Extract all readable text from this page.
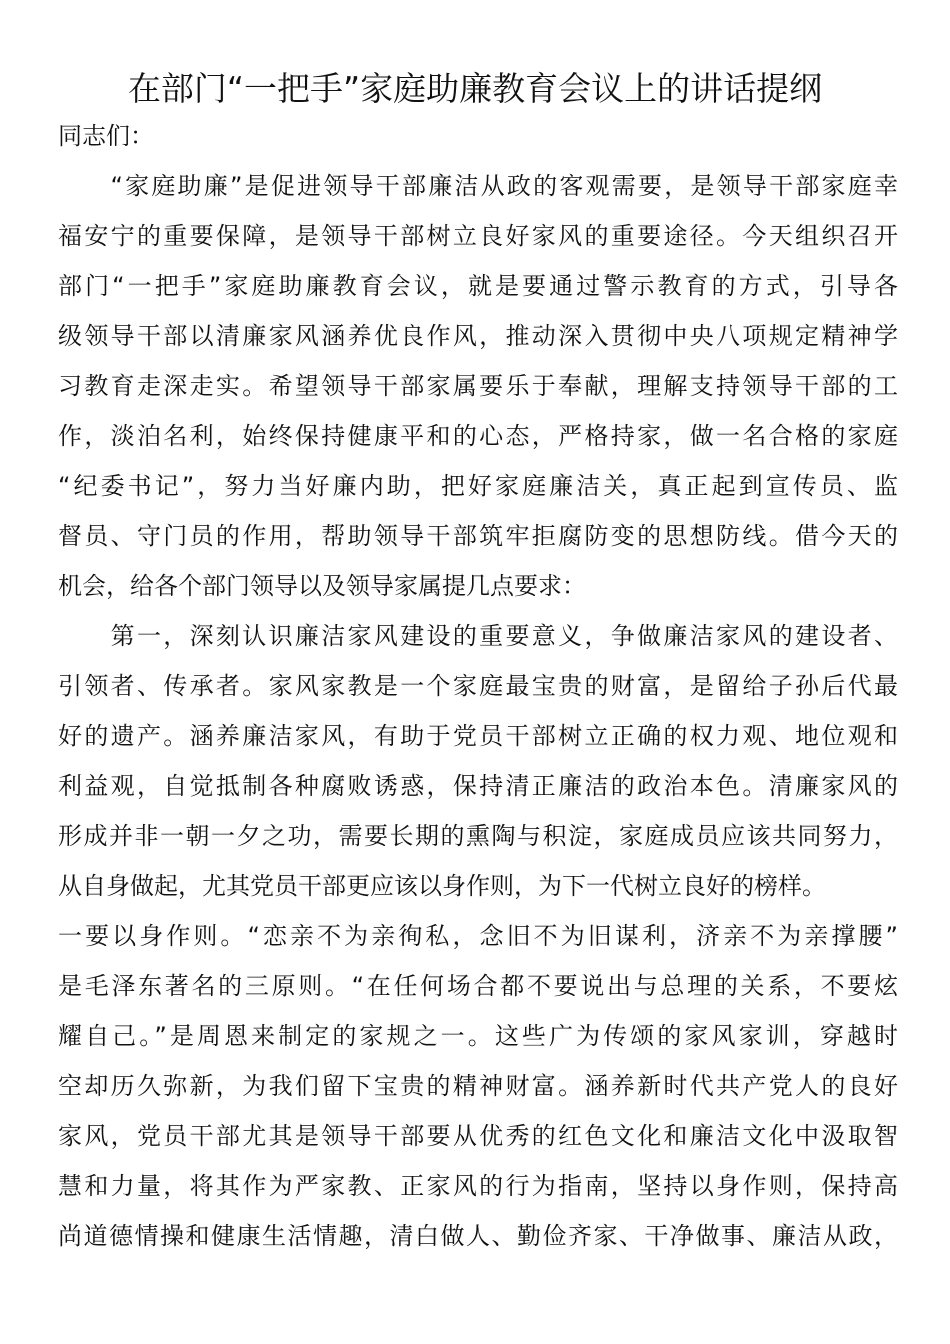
在部门“一把手”家庭助廉教育会议上的讲话提纲
同志们：
　　“家庭助廉”是促进领导干部廉洁从政的客观需要，是领导干部家庭幸
福安宁的重要保障，是领导干部树立良好家风的重要途径。今天组织召开
部门“一把手”家庭助廉教育会议，就是要通过警示教育的方式，引导各
级领导干部以清廉家风涵养优良作风，推动深入贯彻中央八项规定精神学
习教育走深走实。希望领导干部家属要乐于奉献，理解支持领导干部的工
作，淡泊名利，始终保持健康平和的心态，严格持家，做一名合格的家庭
“纪委书记”，努力当好廉内助，把好家庭廉洁关，真正起到宣传员、监
督员、守门员的作用，帮助领导干部筑牢拒腐防变的思想防线。借今天的
机会，给各个部门领导以及领导家属提几点要求：
　　第一，深刻认识廉洁家风建设的重要意义，争做廉洁家风的建设者、
引领者、传承者。家风家教是一个家庭最宝贵的财富，是留给子孙后代最
好的遗产。涵养廉洁家风，有助于党员干部树立正确的权力观、地位观和
利益观，自觉抵制各种腐败诱惑，保持清正廉洁的政治本色。清廉家风的
形成并非一朝一夕之功，需要长期的熏陶与积淀，家庭成员应该共同努力，
从自身做起，尤其党员干部更应该以身作则，为下一代树立良好的榜样。
一要以身作则。“恋亲不为亲徇私，念旧不为旧谋利，济亲不为亲撑腰”
是毛泽东著名的三原则。“在任何场合都不要说出与总理的关系，不要炫
耀自己。”是周恩来制定的家规之一。这些广为传颂的家风家训，穿越时
空却历久弥新，为我们留下宝贵的精神财富。涵养新时代共产党人的良好
家风，党员干部尤其是领导干部要从优秀的红色文化和廉洁文化中汲取智
慧和力量，将其作为严家教、正家风的行为指南，坚持以身作则，保持高
尚道德情操和健康生活情趣，清白做人、勤俭齐家、干净做事、廉洁从政，
